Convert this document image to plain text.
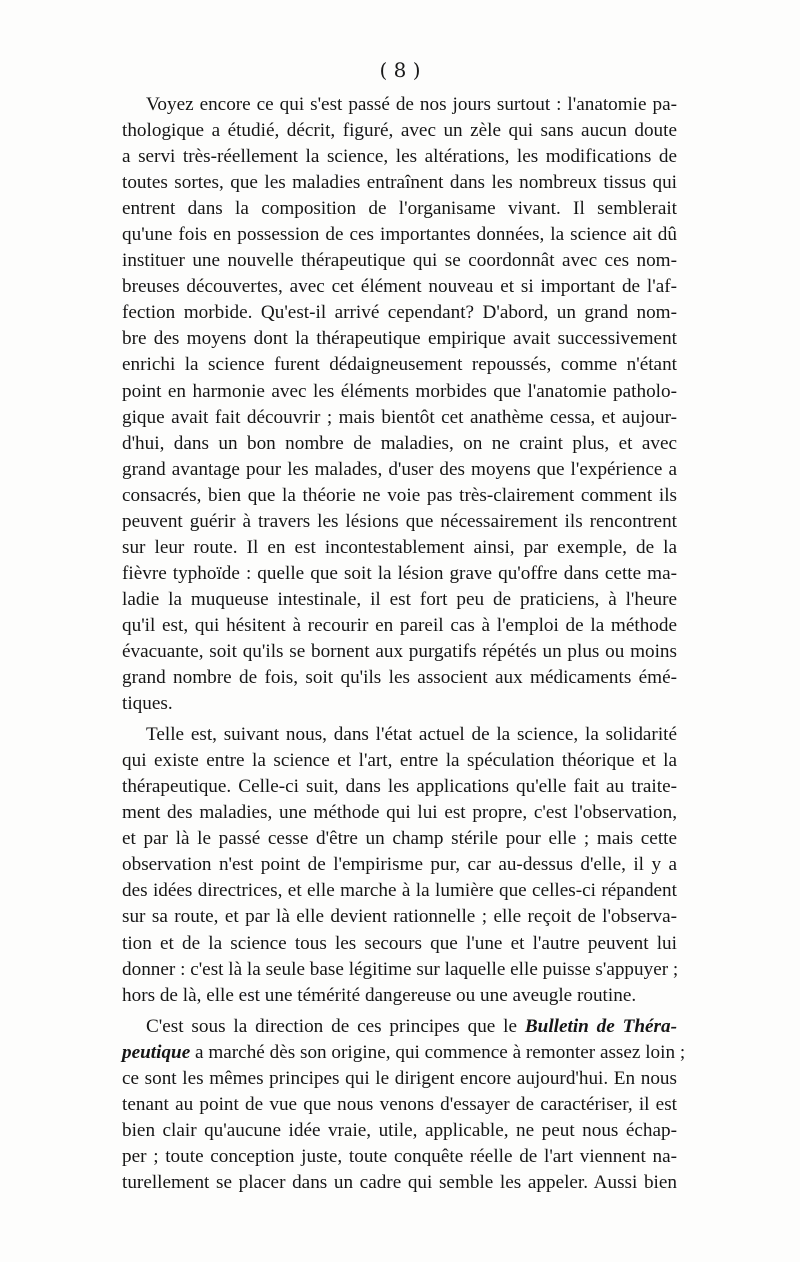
( 8 )
Voyez encore ce qui s'est passé de nos jours surtout : l'anatomie pa-
thologique a étudié, décrit, figuré, avec un zèle qui sans aucun doute
a servi très-réellement la science, les altérations, les modifications de
toutes sortes, que les maladies entraînent dans les nombreux tissus qui
entrent dans la composition de l'organisame vivant. Il semblerait
qu'une fois en possession de ces importantes données, la science ait dû
instituer une nouvelle thérapeutique qui se coordonnât avec ces nom-
breuses découvertes, avec cet élément nouveau et si important de l'af-
fection morbide. Qu'est-il arrivé cependant? D'abord, un grand nom-
bre des moyens dont la thérapeutique empirique avait successivement
enrichi la science furent dédaigneusement repoussés, comme n'étant
point en harmonie avec les éléments morbides que l'anatomie patholo-
gique avait fait découvrir ; mais bientôt cet anathème cessa, et aujour-
d'hui, dans un bon nombre de maladies, on ne craint plus, et avec
grand avantage pour les malades, d'user des moyens que l'expérience a
consacrés, bien que la théorie ne voie pas très-clairement comment ils
peuvent guérir à travers les lésions que nécessairement ils rencontrent
sur leur route. Il en est incontestablement ainsi, par exemple, de la
fièvre typhoïde : quelle que soit la lésion grave qu'offre dans cette ma-
ladie la muqueuse intestinale, il est fort peu de praticiens, à l'heure
qu'il est, qui hésitent à recourir en pareil cas à l'emploi de la méthode
évacuante, soit qu'ils se bornent aux purgatifs répétés un plus ou moins
grand nombre de fois, soit qu'ils les associent aux médicaments émé-
tiques.
Telle est, suivant nous, dans l'état actuel de la science, la solidarité
qui existe entre la science et l'art, entre la spéculation théorique et la
thérapeutique. Celle-ci suit, dans les applications qu'elle fait au traite-
ment des maladies, une méthode qui lui est propre, c'est l'observation,
et par là le passé cesse d'être un champ stérile pour elle ; mais cette
observation n'est point de l'empirisme pur, car au-dessus d'elle, il y a
des idées directrices, et elle marche à la lumière que celles-ci répandent
sur sa route, et par là elle devient rationnelle ; elle reçoit de l'observa-
tion et de la science tous les secours que l'une et l'autre peuvent lui
donner : c'est là la seule base légitime sur laquelle elle puisse s'appuyer ;
hors de là, elle est une témérité dangereuse ou une aveugle routine.
C'est sous la direction de ces principes que le Bulletin de Théra-
peutique a marché dès son origine, qui commence à remonter assez loin ;
ce sont les mêmes principes qui le dirigent encore aujourd'hui. En nous
tenant au point de vue que nous venons d'essayer de caractériser, il est
bien clair qu'aucune idée vraie, utile, applicable, ne peut nous échap-
per ; toute conception juste, toute conquête réelle de l'art viennent na-
turellement se placer dans un cadre qui semble les appeler. Aussi bien
